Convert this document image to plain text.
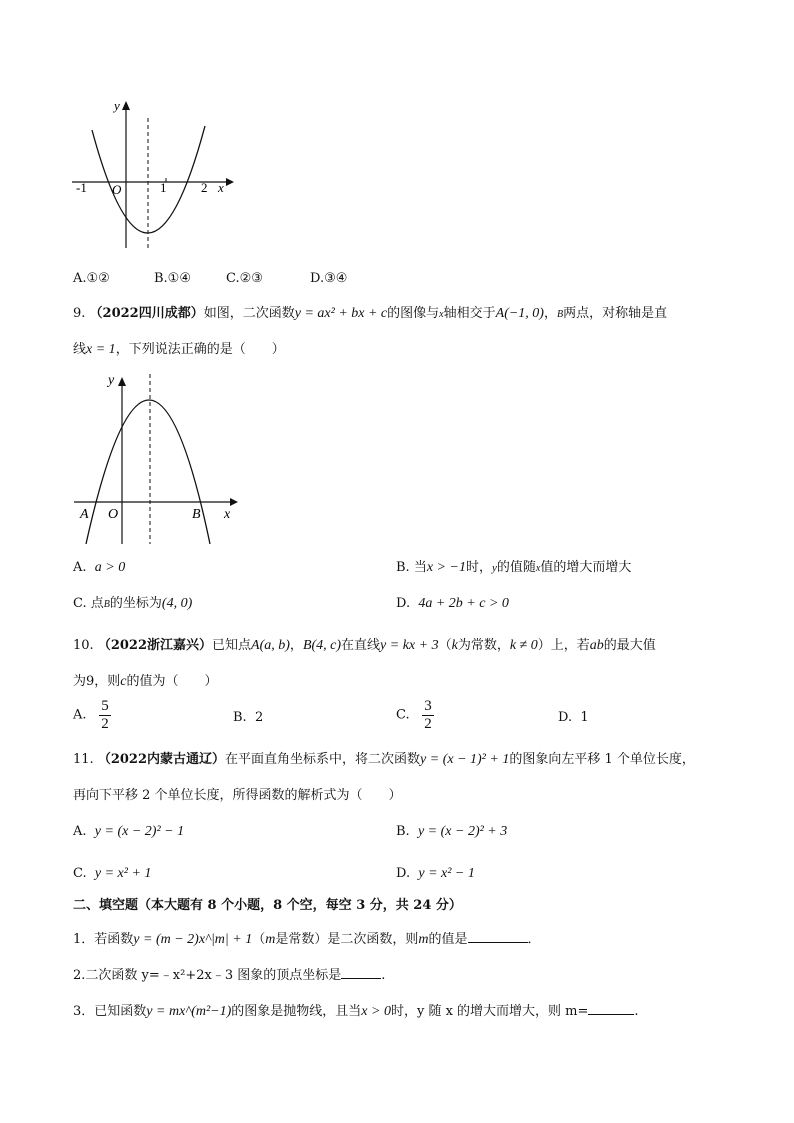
y
x
O
-1	1	2
A.①②	B.①④	C.②③	D.③④
9. （2022四川成都）如图，二次函数y = ax² + bx + c的图像与x轴相交于A(−1, 0)，B两点，对称轴是直
线x = 1，下列说法正确的是（　　）
y
x
O
A	B
A. a > 0	B. 当x > −1时，y的值随x值的增大而增大
C. 点B的坐标为(4, 0)	D. 4a + 2b + c > 0
10. （2022浙江嘉兴）已知点A(a, b)，B(4, c)在直线y = kx + 3（k为常数，k ≠ 0）上，若ab的最大值
为9，则c的值为（　　）
A. $\frac{5}{2}$	B. 2	C. $\frac{3}{2}$	D. 1
11. （2022内蒙古通辽）在平面直角坐标系中，将二次函数y = (x − 1)² + 1的图象向左平移 1 个单位长度，
再向下平移 2 个单位长度，所得函数的解析式为（　　）
A. y = (x − 2)² − 1	B. y = (x − 2)² + 3
C. y = x² + 1	D. y = x² − 1
二、填空题（本大题有 8 个小题，8 个空，每空 3 分，共 24 分）
1．若函数y = (m − 2)x^|m| + 1（m是常数）是二次函数，则m的值是	．
2.二次函数 y=﹣x²+2x﹣3 图象的顶点坐标是	.
3．已知函数y = mx^(m²−1)的图象是抛物线，且当x > 0时，y 随 x 的增大而增大，则 m=	.
